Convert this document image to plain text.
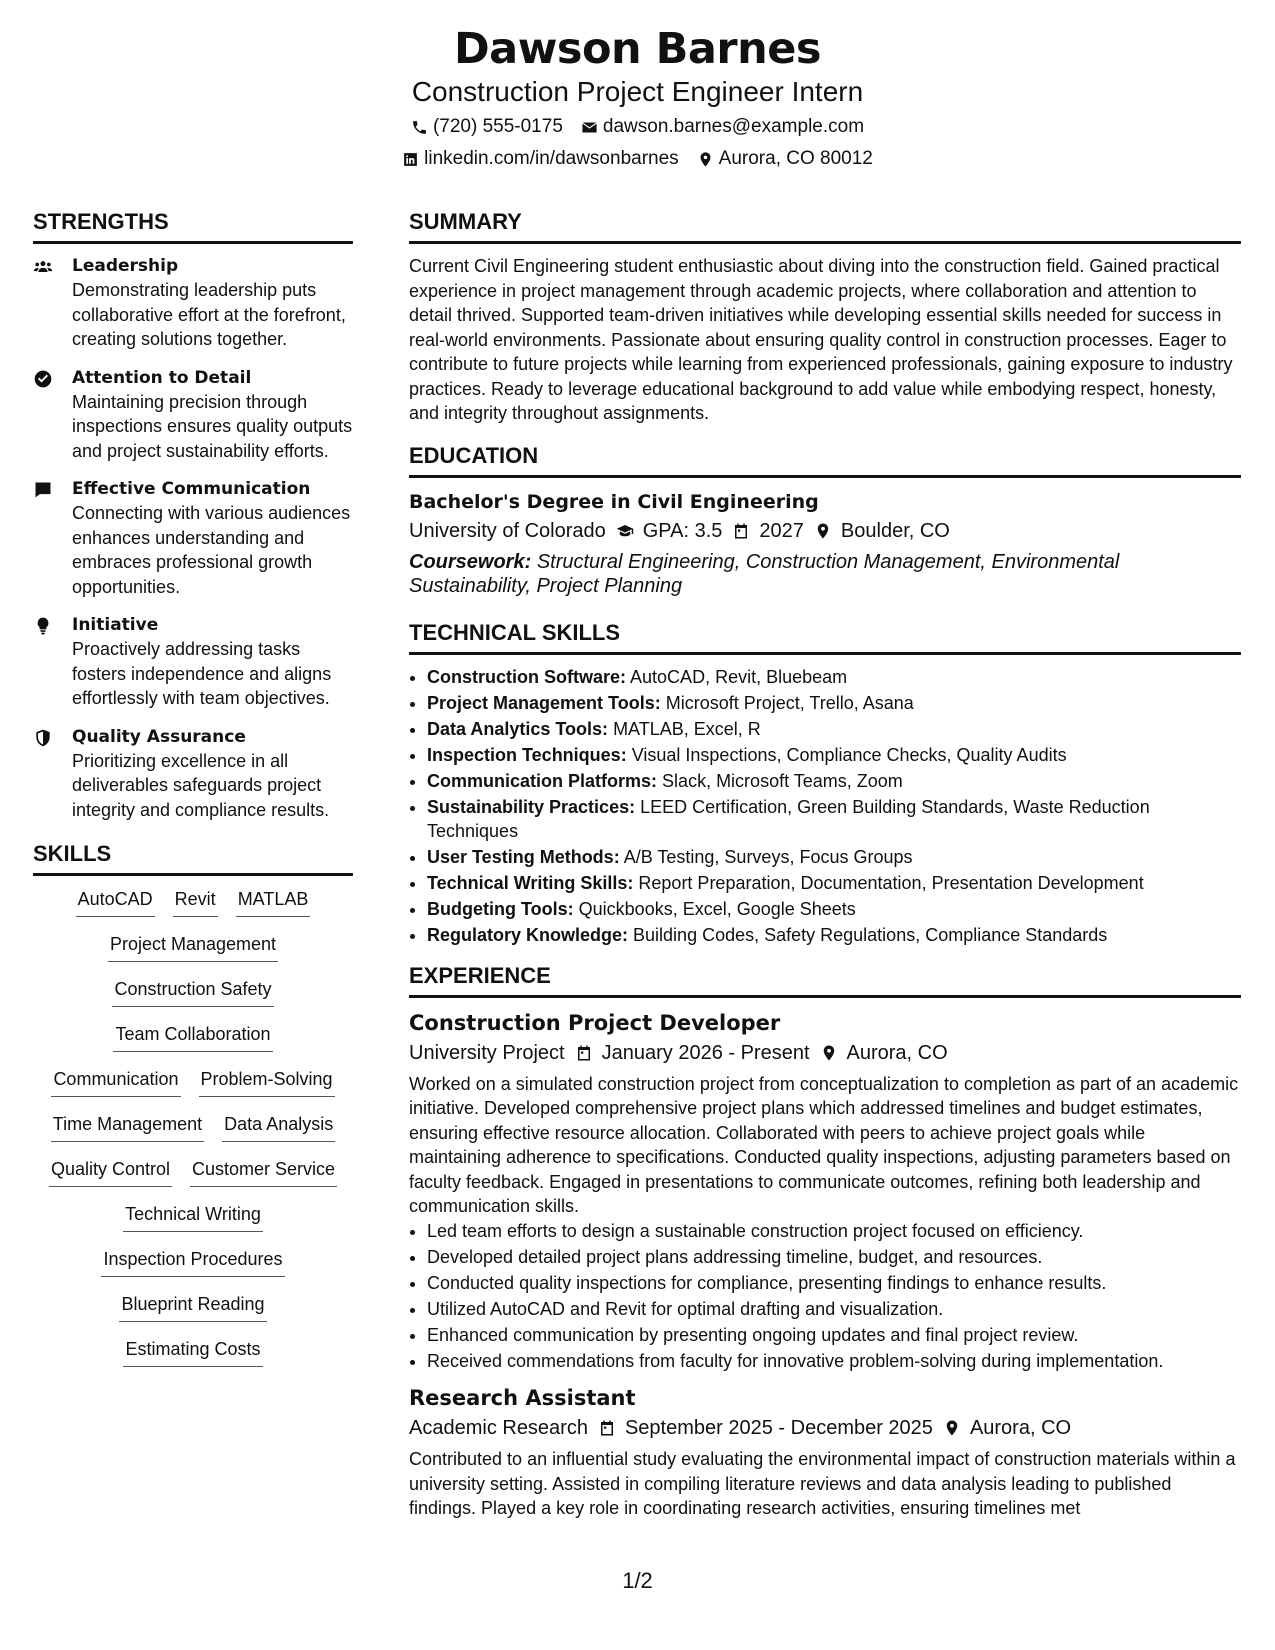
Dawson Barnes
Construction Project Engineer Intern
(720) 555-0175 dawson.barnes@example.com
linkedin.com/in/dawsonbarnes Aurora, CO 80012
STRENGTHS
Leadership
Demonstrating leadership puts collaborative effort at the forefront, creating solutions together.
Attention to Detail
Maintaining precision through inspections ensures quality outputs and project sustainability efforts.
Effective Communication
Connecting with various audiences enhances understanding and embraces professional growth opportunities.
Initiative
Proactively addressing tasks fosters independence and aligns effortlessly with team objectives.
Quality Assurance
Prioritizing excellence in all deliverables safeguards project integrity and compliance results.
SKILLS
AutoCAD Revit MATLAB
Project Management
Construction Safety
Team Collaboration
Communication Problem-Solving
Time Management Data Analysis
Quality Control Customer Service
Technical Writing
Inspection Procedures
Blueprint Reading
Estimating Costs
SUMMARY
Current Civil Engineering student enthusiastic about diving into the construction field. Gained practical experience in project management through academic projects, where collaboration and attention to detail thrived. Supported team-driven initiatives while developing essential skills needed for success in real-world environments. Passionate about ensuring quality control in construction processes. Eager to contribute to future projects while learning from experienced professionals, gaining exposure to industry practices. Ready to leverage educational background to add value while embodying respect, honesty, and integrity throughout assignments.
EDUCATION
Bachelor's Degree in Civil Engineering
University of Colorado GPA: 3.5 2027 Boulder, CO
Coursework: Structural Engineering, Construction Management, Environmental Sustainability, Project Planning
TECHNICAL SKILLS
• Construction Software: AutoCAD, Revit, Bluebeam
• Project Management Tools: Microsoft Project, Trello, Asana
• Data Analytics Tools: MATLAB, Excel, R
• Inspection Techniques: Visual Inspections, Compliance Checks, Quality Audits
• Communication Platforms: Slack, Microsoft Teams, Zoom
• Sustainability Practices: LEED Certification, Green Building Standards, Waste Reduction Techniques
• User Testing Methods: A/B Testing, Surveys, Focus Groups
• Technical Writing Skills: Report Preparation, Documentation, Presentation Development
• Budgeting Tools: Quickbooks, Excel, Google Sheets
• Regulatory Knowledge: Building Codes, Safety Regulations, Compliance Standards
EXPERIENCE
Construction Project Developer
University Project January 2026 - Present Aurora, CO
Worked on a simulated construction project from conceptualization to completion as part of an academic initiative. Developed comprehensive project plans which addressed timelines and budget estimates, ensuring effective resource allocation. Collaborated with peers to achieve project goals while maintaining adherence to specifications. Conducted quality inspections, adjusting parameters based on faculty feedback. Engaged in presentations to communicate outcomes, refining both leadership and communication skills.
• Led team efforts to design a sustainable construction project focused on efficiency.
• Developed detailed project plans addressing timeline, budget, and resources.
• Conducted quality inspections for compliance, presenting findings to enhance results.
• Utilized AutoCAD and Revit for optimal drafting and visualization.
• Enhanced communication by presenting ongoing updates and final project review.
• Received commendations from faculty for innovative problem-solving during implementation.
Research Assistant
Academic Research September 2025 - December 2025 Aurora, CO
Contributed to an influential study evaluating the environmental impact of construction materials within a university setting. Assisted in compiling literature reviews and data analysis leading to published findings. Played a key role in coordinating research activities, ensuring timelines met
1/2
